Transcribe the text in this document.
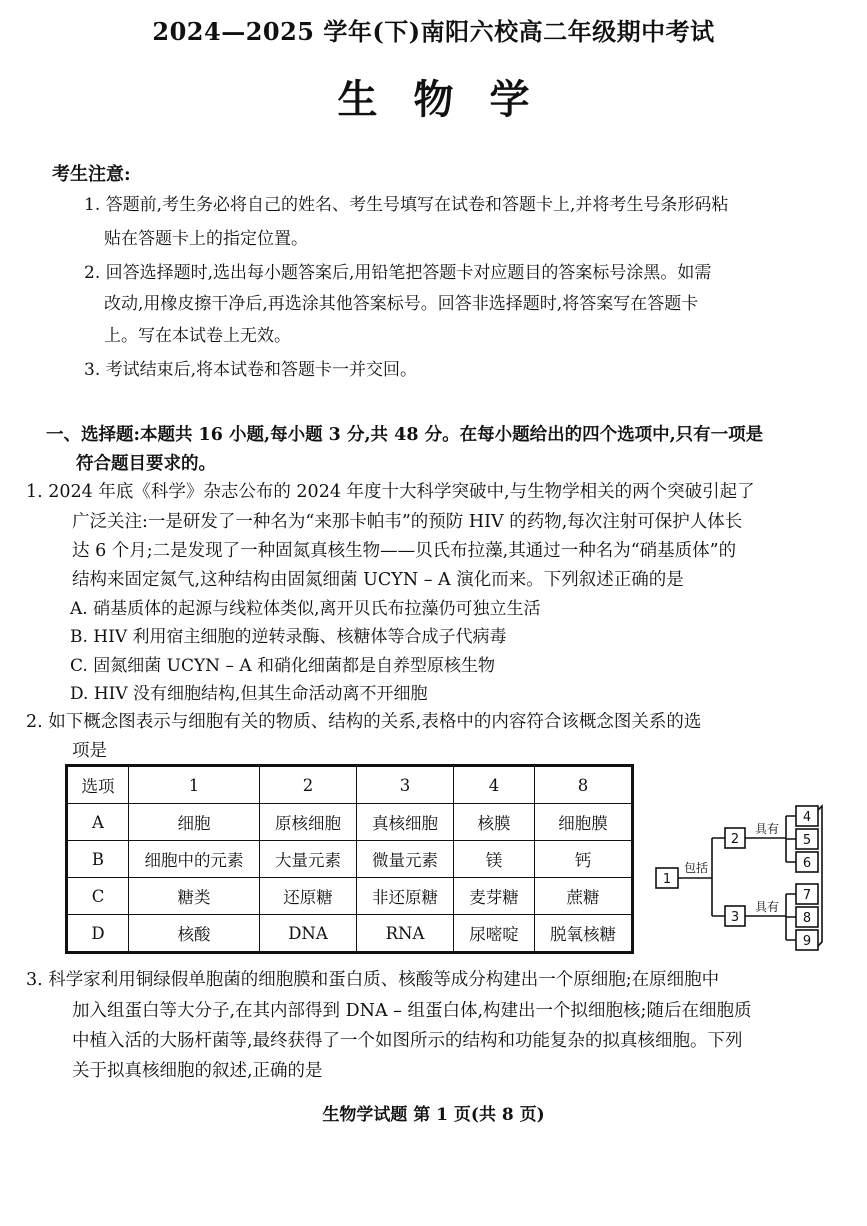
2024—2025 学年(下)南阳六校高二年级期中考试
生物学
考生注意:
1. 答题前,考生务必将自己的姓名、考生号填写在试卷和答题卡上,并将考生号条形码粘
贴在答题卡上的指定位置。
2. 回答选择题时,选出每小题答案后,用铅笔把答题卡对应题目的答案标号涂黑。如需
改动,用橡皮擦干净后,再选涂其他答案标号。回答非选择题时,将答案写在答题卡
上。写在本试卷上无效。
3. 考试结束后,将本试卷和答题卡一并交回。
一、选择题:本题共 16 小题,每小题 3 分,共 48 分。在每小题给出的四个选项中,只有一项是
符合题目要求的。
1. 2024 年底《科学》杂志公布的 2024 年度十大科学突破中,与生物学相关的两个突破引起了
广泛关注:一是研发了一种名为“来那卡帕韦”的预防 HIV 的药物,每次注射可保护人体长
达 6 个月;二是发现了一种固氮真核生物——贝氏布拉藻,其通过一种名为“硝基质体”的
结构来固定氮气,这种结构由固氮细菌 UCYN – A 演化而来。下列叙述正确的是
A. 硝基质体的起源与线粒体类似,离开贝氏布拉藻仍可独立生活
B. HIV 利用宿主细胞的逆转录酶、核糖体等合成子代病毒
C. 固氮细菌 UCYN – A 和硝化细菌都是自养型原核生物
D. HIV 没有细胞结构,但其生命活动离不开细胞
2. 如下概念图表示与细胞有关的物质、结构的关系,表格中的内容符合该概念图关系的选
项是
选项	1	2	3	4	8
A	细胞	原核细胞	真核细胞	核膜	细胞膜
B	细胞中的元素	大量元素	微量元素	镁	钙
C	糖类	还原糖	非还原糖	麦芽糖	蔗糖
D	核酸	DNA	RNA	尿嘧啶	脱氧核糖
1
2
3
4
5
6
7
8
9
包括
具有
具有
3. 科学家利用铜绿假单胞菌的细胞膜和蛋白质、核酸等成分构建出一个原细胞;在原细胞中
加入组蛋白等大分子,在其内部得到 DNA – 组蛋白体,构建出一个拟细胞核;随后在细胞质
中植入活的大肠杆菌等,最终获得了一个如图所示的结构和功能复杂的拟真核细胞。下列
关于拟真核细胞的叙述,正确的是
生物学试题 第 1 页(共 8 页)
